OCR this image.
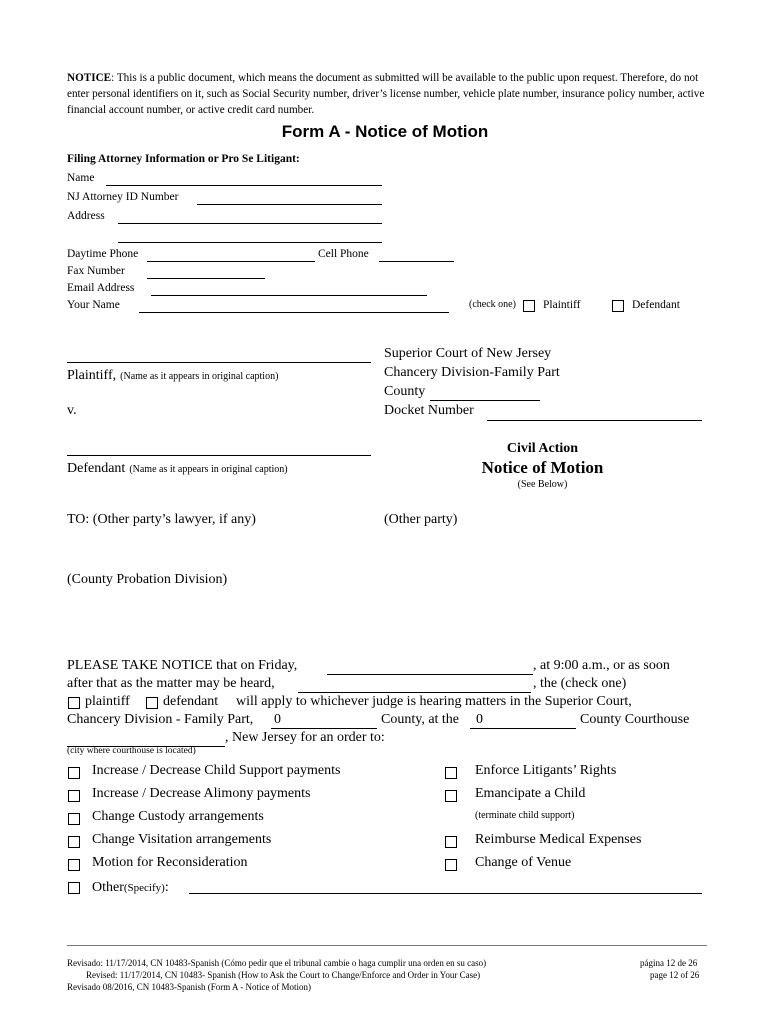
NOTICE: This is a public document, which means the document as submitted will be available to the public upon request. Therefore, do not enter personal identifiers on it, such as Social Security number, driver’s license number, vehicle plate number, insurance policy number, active financial account number, or active credit card number.
Form A - Notice of Motion
Filing Attorney Information or Pro Se Litigant:
Name
NJ Attorney ID Number
Address
Daytime Phone	Cell Phone
Fax Number
Email Address
Your Name	(check one) Plaintiff	Defendant
Plaintiff, (Name as it appears in original caption)
v.
Defendant (Name as it appears in original caption)
Superior Court of New Jersey
Chancery Division-Family Part
County
Docket Number
Civil Action
Notice of Motion
(See Below)
TO: (Other party’s lawyer, if any)	(Other party)
(County Probation Division)
PLEASE TAKE NOTICE that on Friday,	, at 9:00 a.m., or as soon
after that as the matter may be heard,	, the (check one)
plaintiff defendant will apply to whichever judge is hearing matters in the Superior Court,
Chancery Division - Family Part, 0	County, at the 0	County Courthouse
, New Jersey for an order to:
(city where courthouse is located)
Increase / Decrease Child Support payments
Increase / Decrease Alimony payments
Change Custody arrangements
Change Visitation arrangements
Motion for Reconsideration
Other(Specify):
Enforce Litigants’ Rights
Emancipate a Child
(terminate child support)
Reimburse Medical Expenses
Change of Venue
Revisado: 11/17/2014, CN 10483-Spanish (Cómo pedir que el tribunal cambie o haga cumplir una orden en su caso)
Revised: 11/17/2014, CN 10483- Spanish (How to Ask the Court to Change/Enforce and Order in Your Case)
Revisado 08/2016, CN 10483-Spanish (Form A - Notice of Motion)
página 12 de 26
page 12 of 26
